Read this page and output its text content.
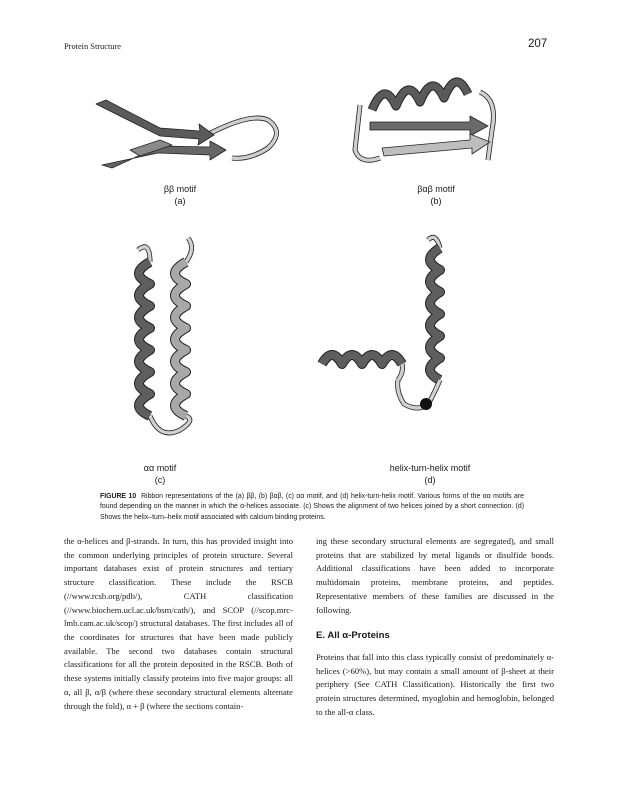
Protein Structure	207
ββ motif
(a)
βαβ motif
(b)
αα motif
(c)
helix-turn-helix motif
(d)
FIGURE 10 Ribbon representations of the (a) ββ, (b) βαβ, (c) αα motif, and (d) helix-turn-helix motif. Various forms of the αα motifs are found depending on the manner in which the α-helices associate. (c) Shows the alignment of two helices joined by a short connection. (d) Shows the helix–turn–helix motif associated with calcium binding proteins.

the α-helices and β-strands. In turn, this has provided insight into the common underlying principles of protein structure. Several important databases exist of protein structures and tertiary structure classification. These include the RSCB (//www.rcsb.org/pdb/), CATH classification (//www.biochem.ucl.ac.uk/bsm/cath/), and SCOP (//scop.mrc-lmb.cam.ac.uk/scop/) structural databases. The first includes all of the coordinates for structures that have been made publicly available. The second two databases contain structural classifications for all the protein deposited in the RSCB. Both of these systems initially classify proteins into five major groups: all α, all β, α/β (where these secondary structural elements alternate through the fold), α + β (where the sections contain-

ing these secondary structural elements are segregated), and small proteins that are stabilized by metal ligands or disulfide bonds. Additional classifications have been added to incorporate multidomain proteins, membrane proteins, and peptides. Representative members of these families are discussed in the following.

E. All α-Proteins

Proteins that fall into this class typically consist of predominately α-helices (>60%), but may contain a small amount of β-sheet at their periphery (See CATH Classification). Historically the first two protein structures determined, myoglobin and hemoglobin, belonged to the all-α class.
